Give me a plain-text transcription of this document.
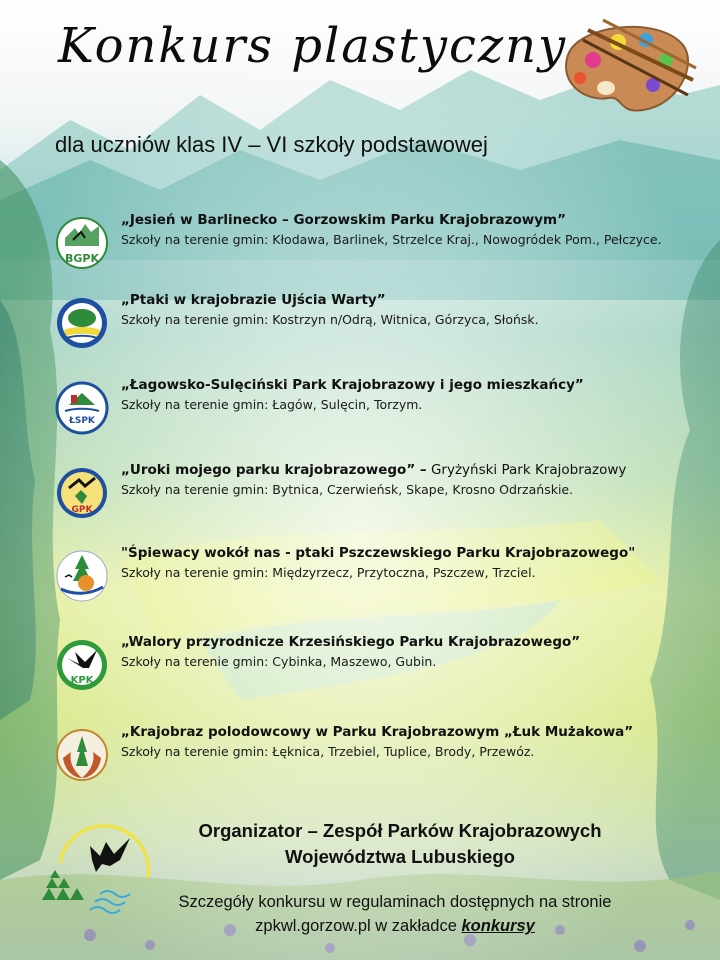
Konkurs plastyczny
dla uczniów klas IV – VI szkoły podstawowej
BGPK
„Jesień w Barlinecko – Gorzowskim Parku Krajobrazowym”
Szkoły na terenie gmin: Kłodawa, Barlinek, Strzelce Kraj., Nowogródek Pom., Pełczyce.
„Ptaki w krajobrazie Ujścia Warty”
Szkoły na terenie gmin: Kostrzyn n/Odrą, Witnica, Górzyca, Słońsk.
ŁSPK
„Łagowsko-Sulęciński Park Krajobrazowy i jego mieszkańcy”
Szkoły na terenie gmin: Łagów, Sulęcin, Torzym.
GPK
„Uroki mojego parku krajobrazowego” – Gryżyński Park Krajobrazowy
Szkoły na terenie gmin: Bytnica, Czerwieńsk, Skape, Krosno Odrzańskie.
"Śpiewacy wokół nas - ptaki Pszczewskiego Parku Krajobrazowego"
Szkoły na terenie gmin: Międzyrzecz, Przytoczna, Pszczew, Trzciel.
KPK
„Walory przyrodnicze Krzesińskiego Parku Krajobrazowego”
Szkoły na terenie gmin: Cybinka, Maszewo, Gubin.
„Krajobraz polodowcowy w Parku Krajobrazowym „Łuk Mużakowa”
Szkoły na terenie gmin: Łęknica, Trzebiel, Tuplice, Brody, Przewóz.
Organizator – Zespół Parków Krajobrazowych
Województwa Lubuskiego
Szczegóły konkursu w regulaminach dostępnych na stronie
zpkwl.gorzow.pl w zakładce konkursy
